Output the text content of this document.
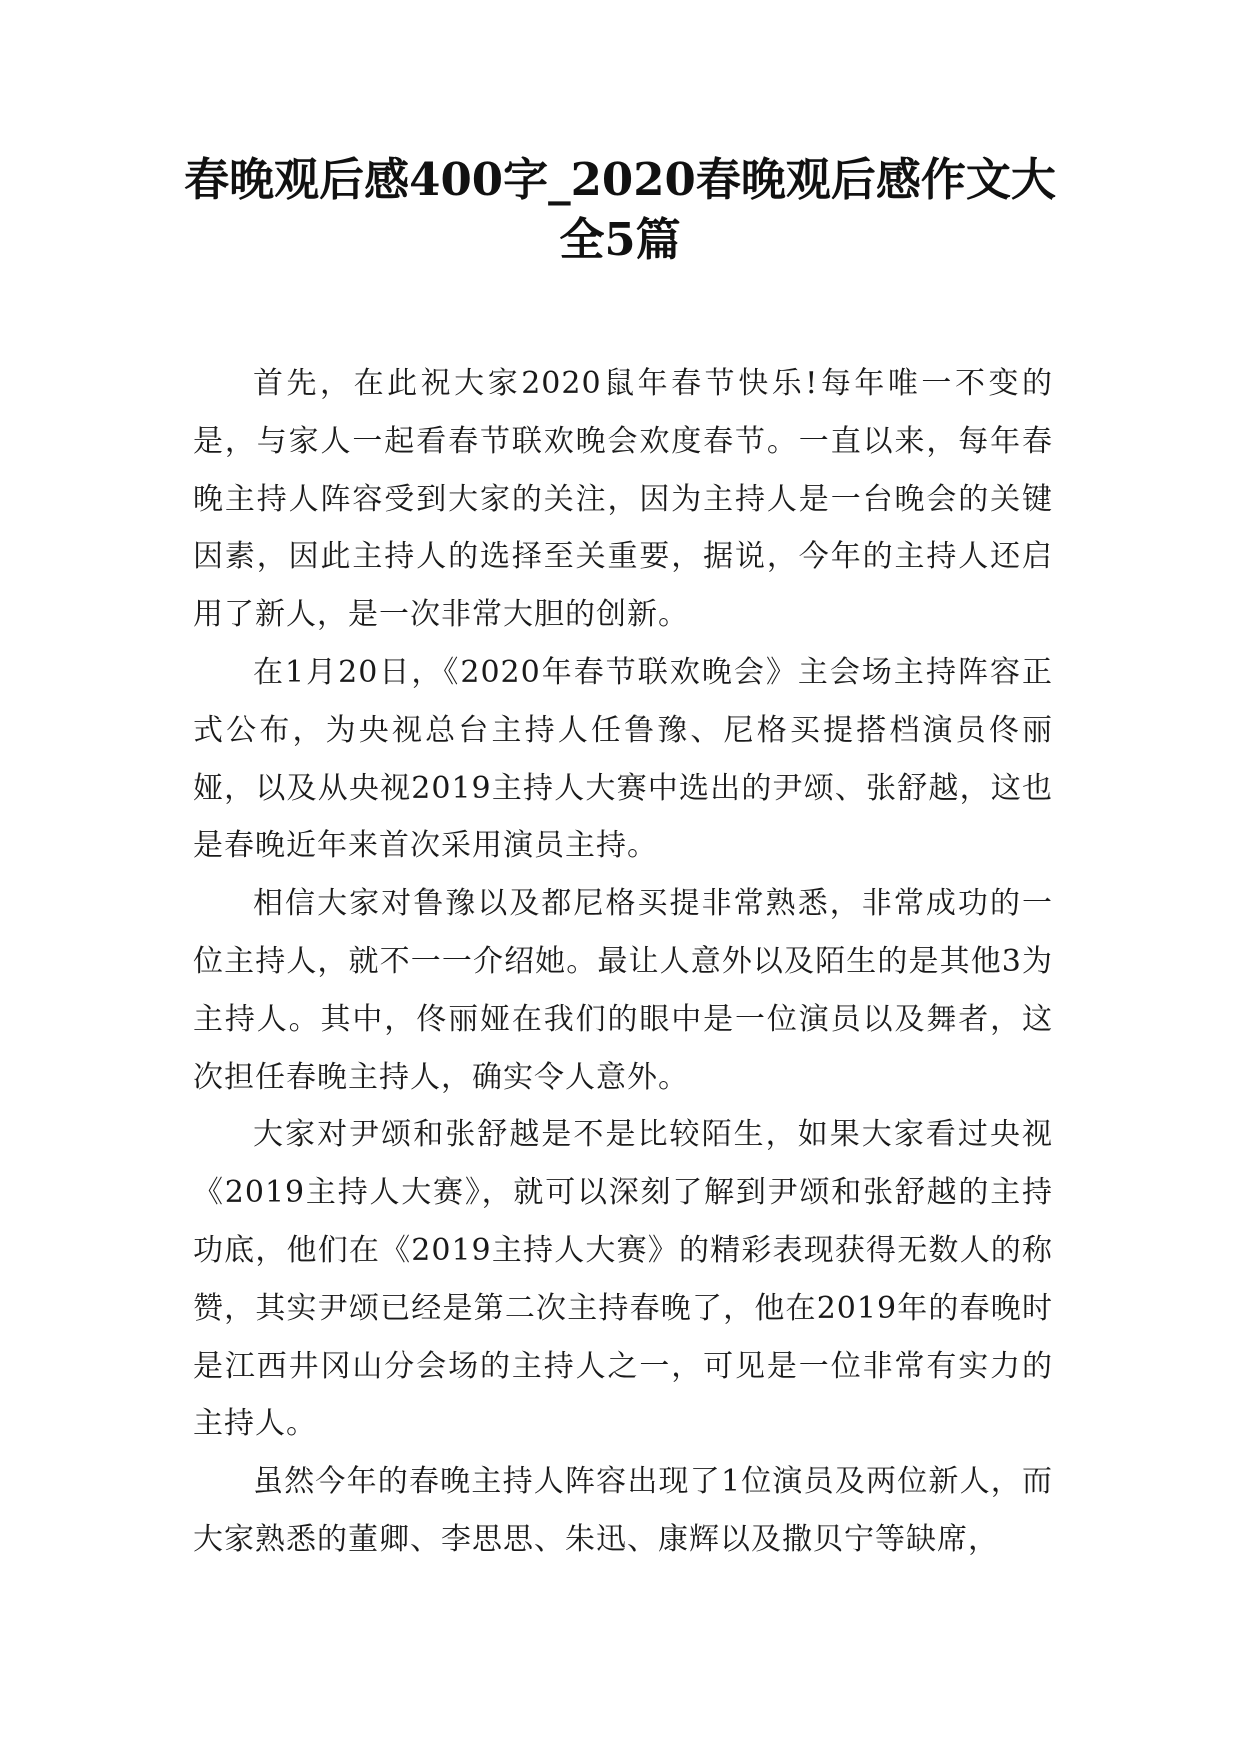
春晚观后感400字_2020春晚观后感作文大全5篇

首先，在此祝大家2020鼠年春节快乐!每年唯一不变的是，与家人一起看春节联欢晚会欢度春节。一直以来，每年春晚主持人阵容受到大家的关注，因为主持人是一台晚会的关键因素，因此主持人的选择至关重要，据说，今年的主持人还启用了新人，是一次非常大胆的创新。

在1月20日，《2020年春节联欢晚会》主会场主持阵容正式公布，为央视总台主持人任鲁豫、尼格买提搭档演员佟丽娅，以及从央视2019主持人大赛中选出的尹颂、张舒越，这也是春晚近年来首次采用演员主持。

相信大家对鲁豫以及都尼格买提非常熟悉，非常成功的一位主持人，就不一一介绍她。最让人意外以及陌生的是其他3为主持人。其中，佟丽娅在我们的眼中是一位演员以及舞者，这次担任春晚主持人，确实令人意外。

大家对尹颂和张舒越是不是比较陌生，如果大家看过央视《2019主持人大赛》，就可以深刻了解到尹颂和张舒越的主持功底，他们在《2019主持人大赛》的精彩表现获得无数人的称赞，其实尹颂已经是第二次主持春晚了，他在2019年的春晚时是江西井冈山分会场的主持人之一，可见是一位非常有实力的主持人。

虽然今年的春晚主持人阵容出现了1位演员及两位新人，而大家熟悉的董卿、李思思、朱迅、康辉以及撒贝宁等缺席，
